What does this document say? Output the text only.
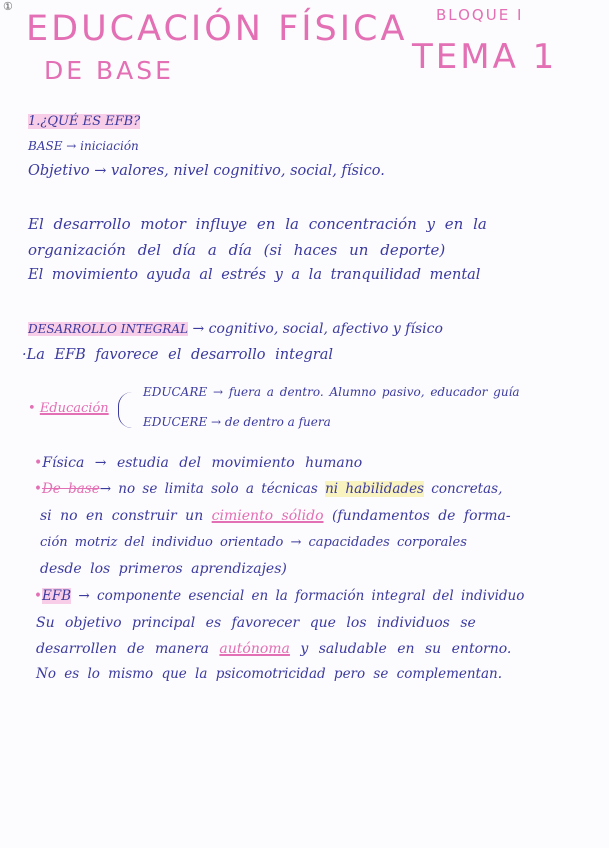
①
EDUCACIÓN FÍSICA
DE BASE
BLOQUE I
TEMA 1
1.¿QUÉ ES EFB?
BASE → iniciación
Objetivo → valores, nivel cognitivo, social, físico.
El desarrollo motor influye en la concentración y en la
organización del día a día (si haces un deporte)
El movimiento ayuda al estrés y a la tranquilidad mental
DESARROLLO INTEGRAL → cognitivo, social, afectivo y físico
·La EFB favorece el desarrollo integral
• Educación
EDUCARE → fuera a dentro. Alumno pasivo, educador guía
EDUCERE → de dentro a fuera
•Física → estudia del movimiento humano
•De base→ no se limita solo a técnicas ni habilidades concretas,
si no en construir un cimiento sólido (fundamentos de forma-
ción motriz del individuo orientado → capacidades corporales
desde los primeros aprendizajes)
•EFB → componente esencial en la formación integral del individuo
Su objetivo principal es favorecer que los individuos se
desarrollen de manera autónoma y saludable en su entorno.
No es lo mismo que la psicomotricidad pero se complementan.
